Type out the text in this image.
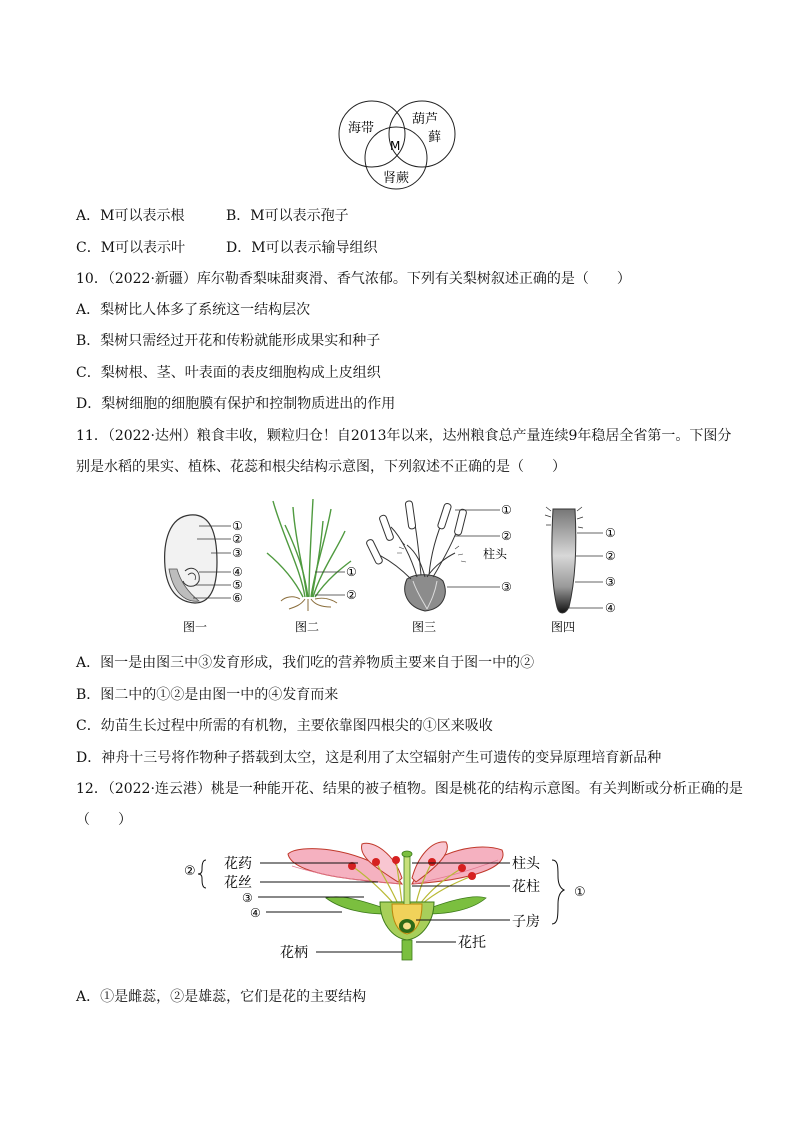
海带
葫芦
藓
M
肾蕨
A．M可以表示根	B．M可以表示孢子
C．M可以表示叶	D．M可以表示输导组织
10．（2022·新疆）库尔勒香梨味甜爽滑、香气浓郁。下列有关梨树叙述正确的是（　　）
A．梨树比人体多了系统这一结构层次
B．梨树只需经过开花和传粉就能形成果实和种子
C．梨树根、茎、叶表面的表皮细胞构成上皮组织
D．梨树细胞的细胞膜有保护和控制物质进出的作用
11．（2022·达州）粮食丰收，颗粒归仓！自2013年以来，达州粮食总产量连续9年稳居全省第一。下图分
别是水稻的果实、植株、花蕊和根尖结构示意图，下列叙述不正确的是（　　）
①
②
③
④
⑤
⑥
图一
①
②
图二
①
②
柱头
③
图三
①
②
③
④
图四
A．图一是由图三中③发育形成，我们吃的营养物质主要来自于图一中的②
B．图二中的①②是由图一中的④发育而来
C．幼苗生长过程中所需的有机物，主要依靠图四根尖的①区来吸收
D．神舟十三号将作物种子搭载到太空，这是利用了太空辐射产生可遗传的变异原理培育新品种
12．（2022·连云港）桃是一种能开花、结果的被子植物。图是桃花的结构示意图。有关判断或分析正确的是
（　　）
② 花药
花丝
③
④
花柄
柱头
花柱
子房
花托
①
A．①是雌蕊，②是雄蕊，它们是花的主要结构
